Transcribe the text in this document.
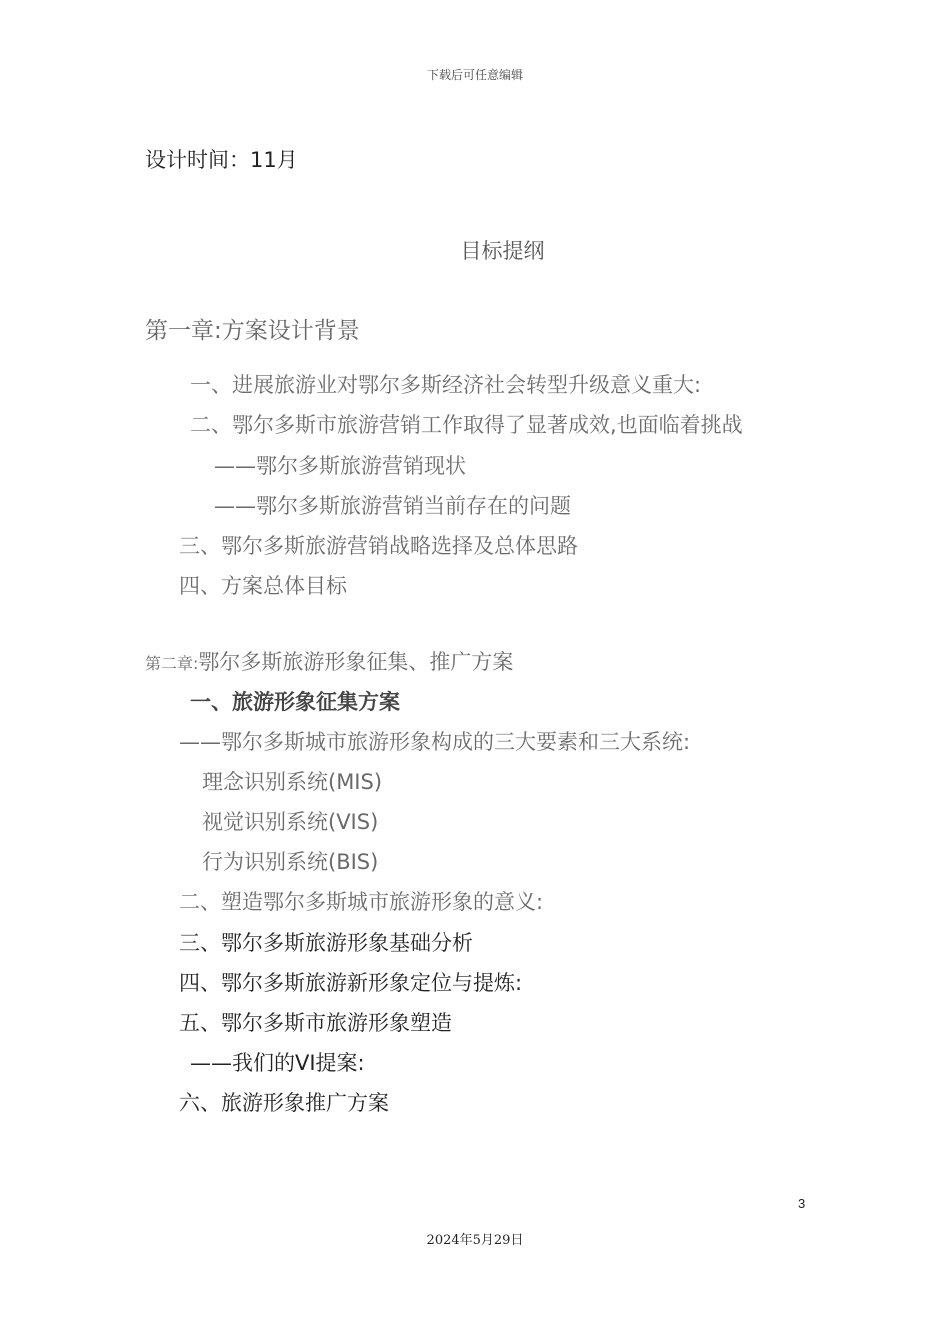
下载后可任意编辑
设计时间：11月
目标提纲
第一章:方案设计背景
一、进展旅游业对鄂尔多斯经济社会转型升级意义重大:
二、鄂尔多斯市旅游营销工作取得了显著成效,也面临着挑战
——鄂尔多斯旅游营销现状
——鄂尔多斯旅游营销当前存在的问题
三、鄂尔多斯旅游营销战略选择及总体思路
四、方案总体目标
第二章:鄂尔多斯旅游形象征集、推广方案
一、旅游形象征集方案
——鄂尔多斯城市旅游形象构成的三大要素和三大系统:
理念识别系统(MIS)
视觉识别系统(VIS)
行为识别系统(BIS)
二、塑造鄂尔多斯城市旅游形象的意义:
三、鄂尔多斯旅游形象基础分析
四、鄂尔多斯旅游新形象定位与提炼:
五、鄂尔多斯市旅游形象塑造
——我们的VI提案:
六、旅游形象推广方案
3
2024年5月29日
